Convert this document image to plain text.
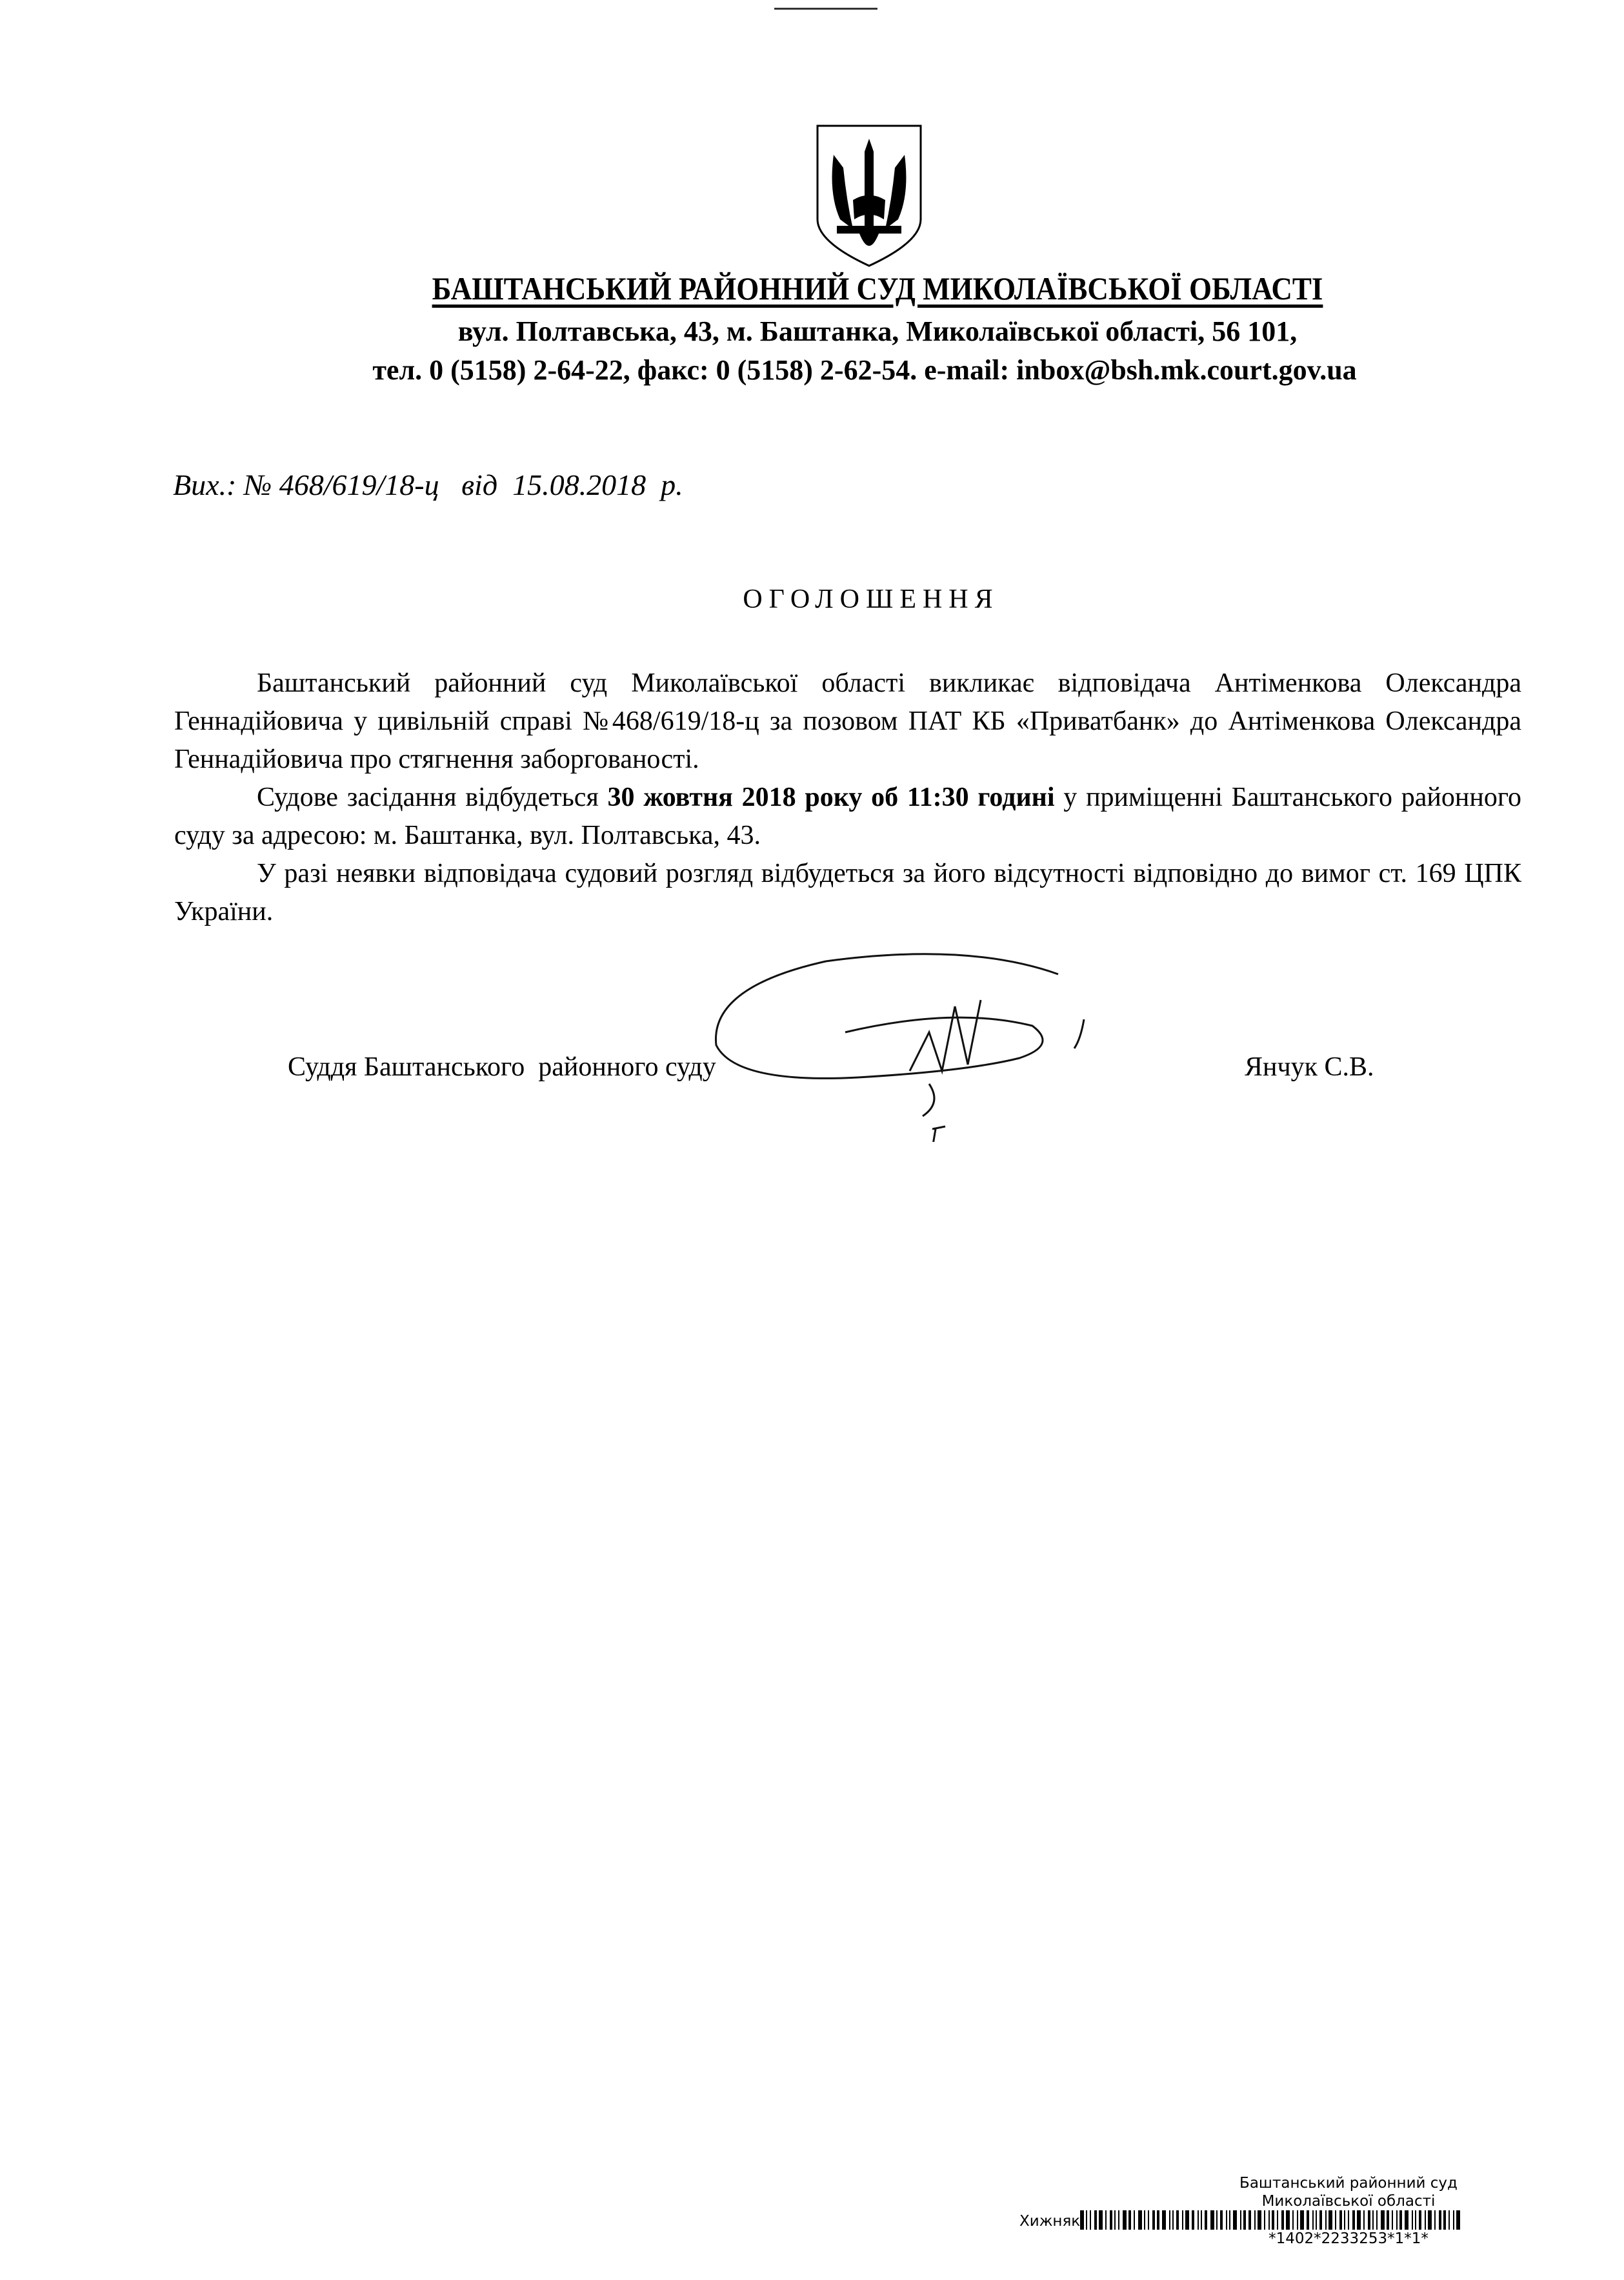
БАШТАНСЬКИЙ РАЙОННИЙ СУД МИКОЛАЇВСЬКОЇ ОБЛАСТІ
вул. Полтавська, 43, м. Баштанка, Миколаївської області, 56 101,
тел. 0 (5158) 2-64-22, факс: 0 (5158) 2-62-54. e-mail: inbox@bsh.mk.court.gov.ua
Вих.: № 468/619/18-ц   від  15.08.2018  р.
ОГОЛОШЕННЯ

Баштанський районний суд Миколаївської області викликає відповідача Антіменкова Олександра Геннадійовича у цивільній справі №468/619/18-ц за позовом ПАТ КБ «Приватбанк» до Антіменкова Олександра Геннадійовича про стягнення заборгованості.

Судове засідання відбудеться 30 жовтня 2018 року об 11:30 годині у приміщенні Баштанського районного суду за адресою: м. Баштанка, вул. Полтавська, 43.

У разі неявки відповідача судовий розгляд відбудеться за його відсутності відповідно до вимог ст. 169 ЦПК України.

Суддя Баштанського  районного суду	Янчук С.В.
Баштанський районний суд
Миколаївської області
Хижняк
*1402*2233253*1*1*
